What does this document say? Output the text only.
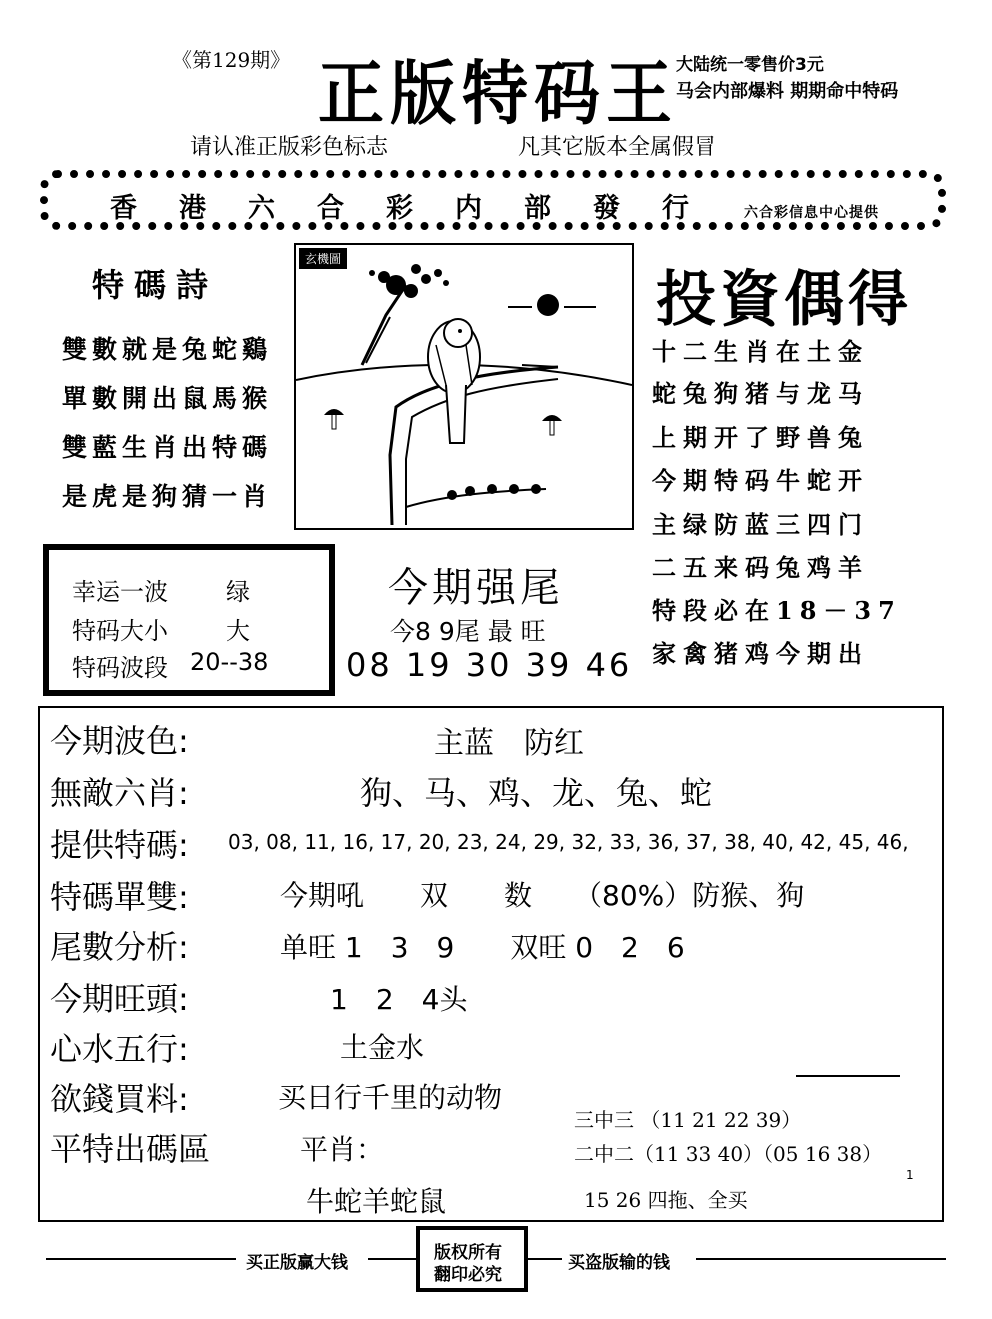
《第129期》 正版特码王
大陆统一零售价3元
马会内部爆料 期期命中特码
请认准正版彩色标志	凡其它版本全属假冒
香港六合彩内部發行 六合彩信息中心提供
特碼詩
雙數就是兔蛇鷄
單數開出鼠馬猴
雙藍生肖出特碼
是虎是狗猜一肖
玄機圖
投資偶得
十二生肖在土金
蛇兔狗猪与龙马
上期开了野兽兔
今期特码牛蛇开
主绿防蓝三四门
二五来码兔鸡羊
特段必在18－37
家禽猪鸡今期出
幸运一波 绿
特码大小 大
特码波段 20--38
今期强尾
今8 9尾 最 旺
08 19 30 39 46
今期波色:	主蓝　防红
無敵六肖:	狗、马、鸡、龙、兔、蛇
提供特碼: 03, 08, 11, 16, 17, 20, 23, 24, 29, 32, 33, 36, 37, 38, 40, 42, 45, 46,
特碼單雙:	今期吼　　双　　数　　（80%）防猴、狗
尾數分析:	单旺 1　3　9　　双旺 0　2　6
今期旺頭:	1　2　4头
心水五行:	土金水
欲錢買料:	买日行千里的动物
平特出碼區	平肖：
牛蛇羊蛇鼠
三中三 （11 21 22 39）
二中二（11 33 40）（05 16 38）
15 26 四拖、全买
1
买正版赢大钱	买盗版输的钱
版权所有
翻印必究
